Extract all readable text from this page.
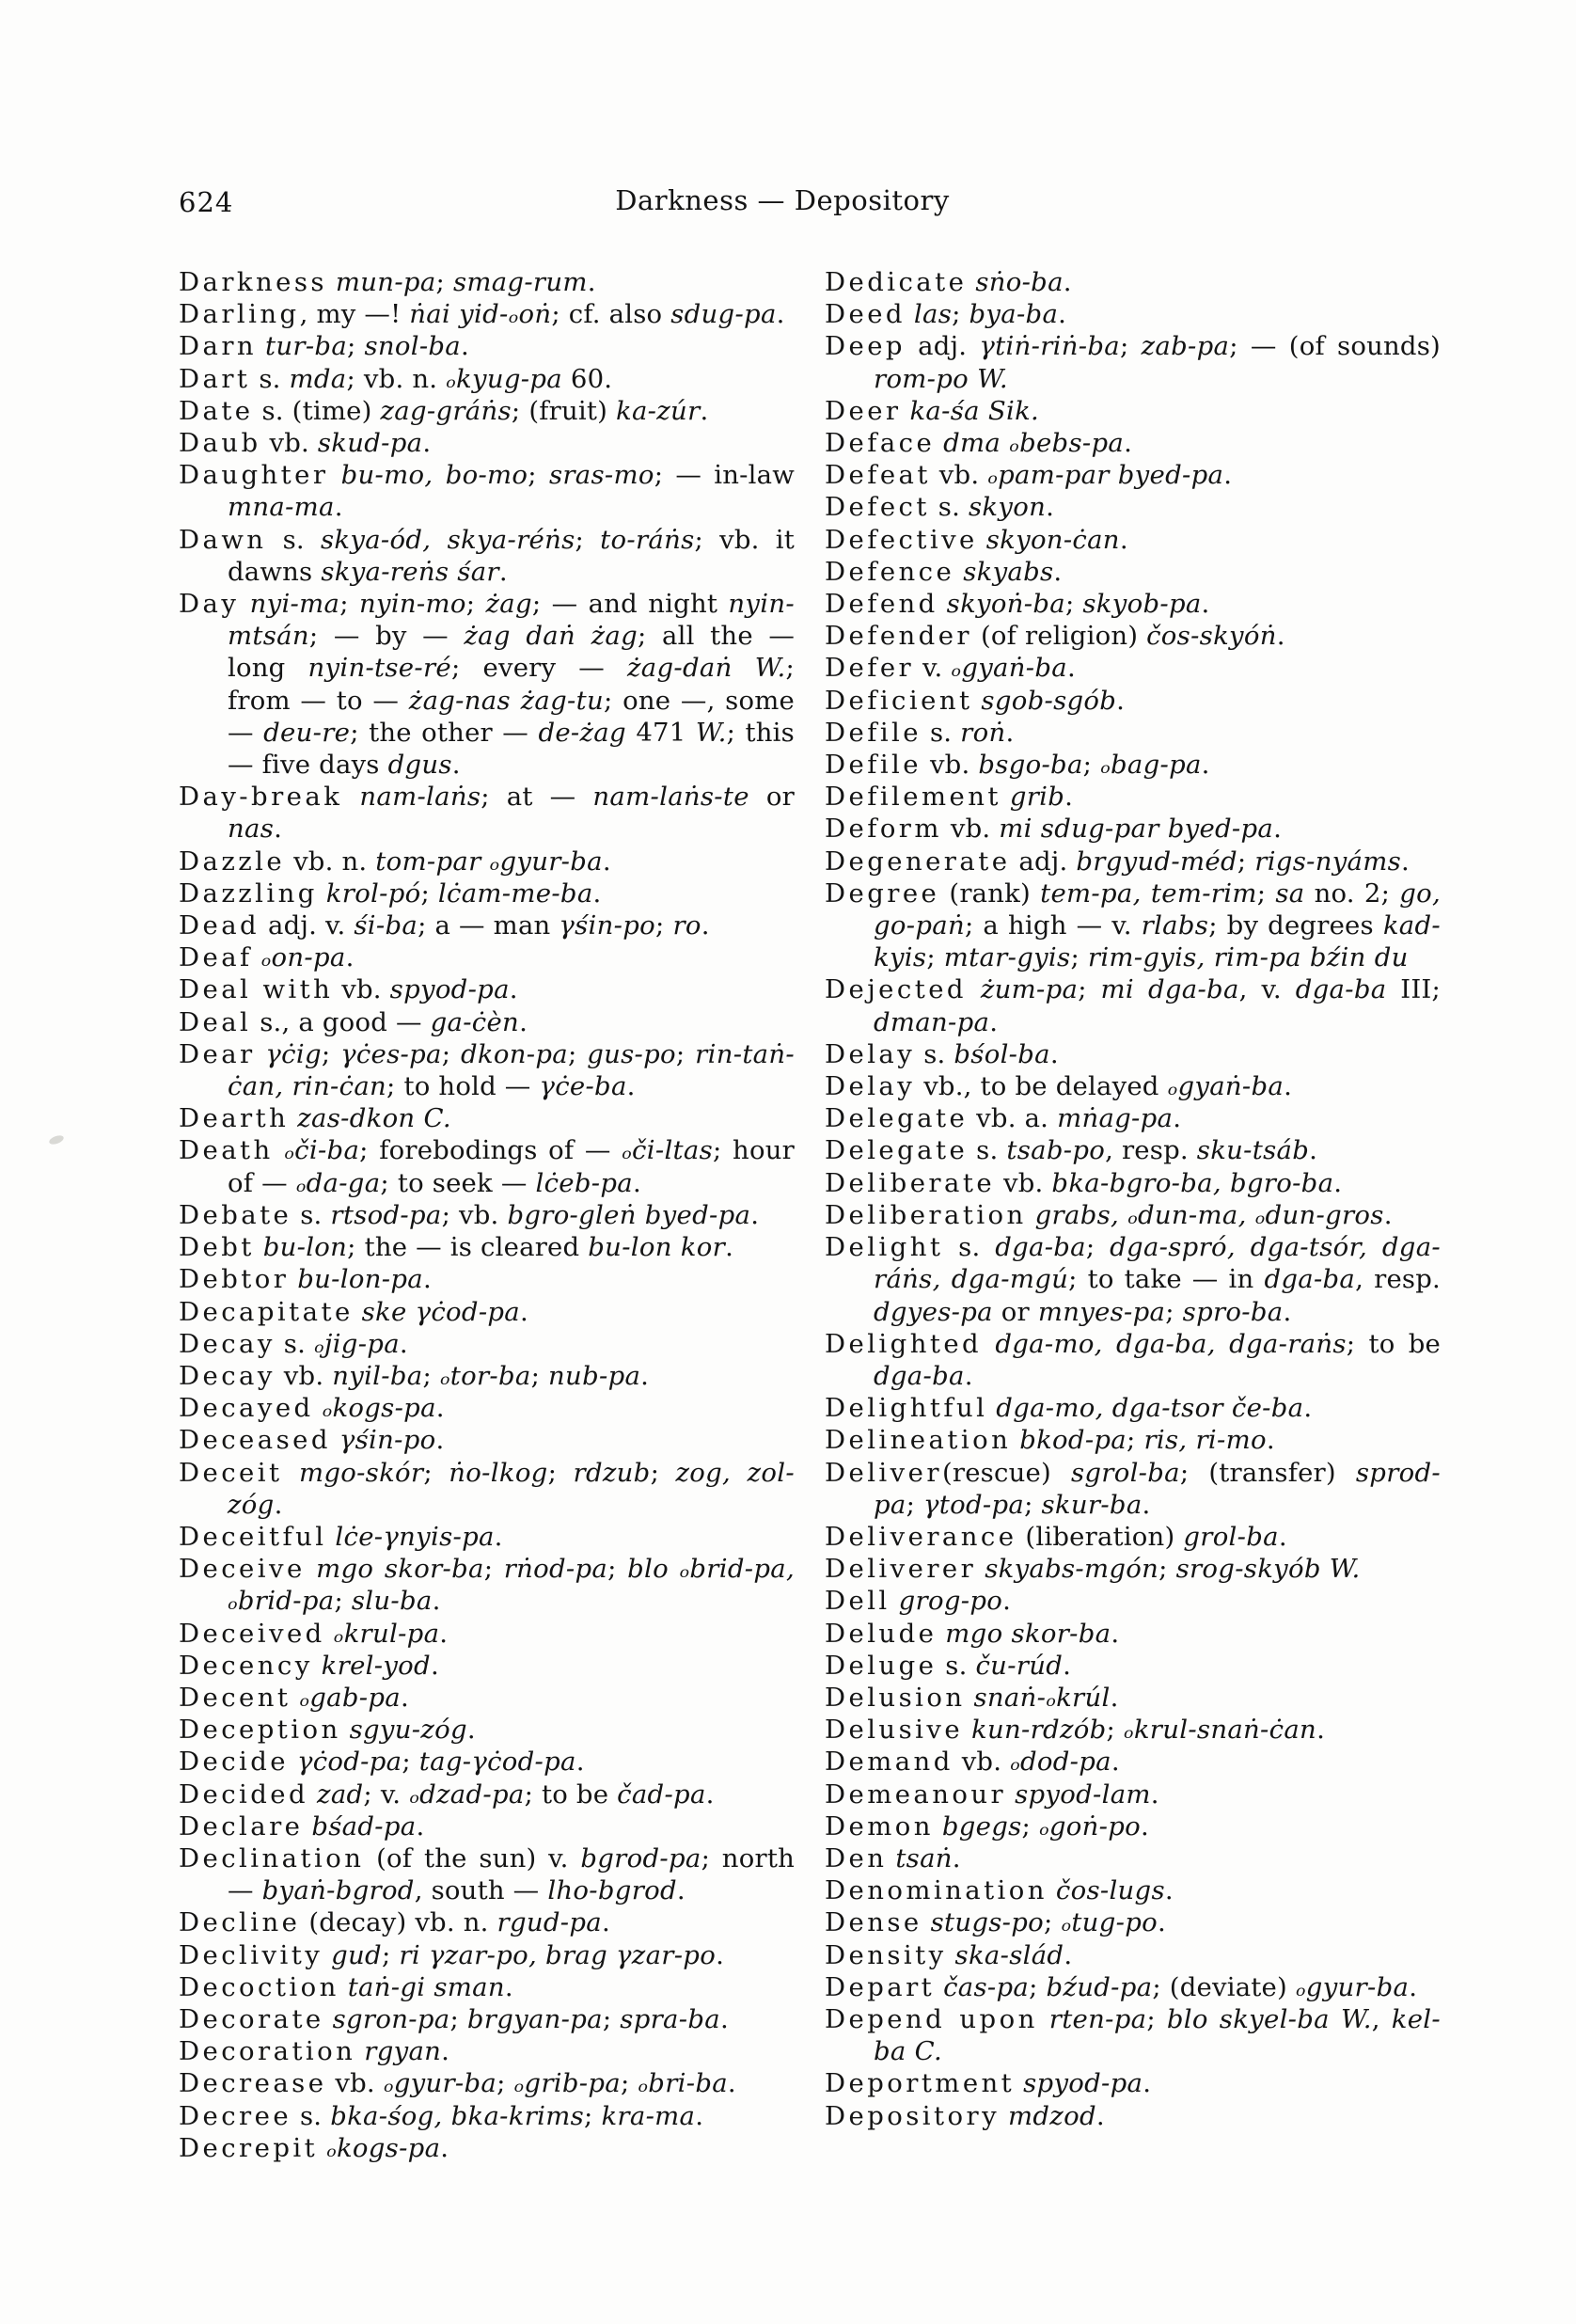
624	Darkness — Depository
Darkness mun-pa; smag-rum.
Darling, my —! ṅai yid-ₒoṅ; cf. also sdug-pa.
Darn tur-ba; snol-ba.
Dart s. mda; vb. n. ₒkyug-pa 60.
Date s. (time) zag-gráṅs; (fruit) ka-zúr.
Daub vb. skud-pa.
Daughter bu-mo, bo-mo; sras-mo; — in-law mna-ma.
Dawn s. skya-ód, skya-réṅs; to-ráṅs; vb. it dawns skya-reṅs śar.
Day nyi-ma; nyin-mo; żag; — and night nyin-mtsán; — by — żag daṅ żag; all the — long nyin-tse-ré; every — żag-daṅ W.; from — to — żag-nas żag-tu; one —, some — deu-re; the other — de-żag 471 W.; this — five days dgus.
Day-break nam-laṅs; at — nam-laṅs-te or nas.
Dazzle vb. n. tom-par ₒgyur-ba.
Dazzling krol-pó; lċam-me-ba.
Dead adj. v. śi-ba; a — man γśin-po; ro.
Deaf ₒon-pa.
Deal with vb. spyod-pa.
Deal s., a good — ga-ċèn.
Dear γċig; γċes-pa; dkon-pa; gus-po; rin-taṅ-ċan, rin-ċan; to hold — γċe-ba.
Dearth zas-dkon C.
Death ₒči-ba; forebodings of — ₒči-ltas; hour of — ₒda-ga; to seek — lċeb-pa.
Debate s. rtsod-pa; vb. bgro-gleṅ byed-pa.
Debt bu-lon; the — is cleared bu-lon kor.
Debtor bu-lon-pa.
Decapitate ske γċod-pa.
Decay s. ₒjig-pa.
Decay vb. nyil-ba; ₒtor-ba; nub-pa.
Decayed ₒkogs-pa.
Deceased γśin-po.
Deceit mgo-skór; ṅo-lkog; rdzub; zog, zol-zóg.
Deceitful lċe-γnyis-pa.
Deceive mgo skor-ba; rṅod-pa; blo ₒbrid-pa, ₒbrid-pa; slu-ba.
Deceived ₒkrul-pa.
Decency krel-yod.
Decent ₒgab-pa.
Deception sgyu-zóg.
Decide γċod-pa; tag-γċod-pa.
Decided zad; v. ₒdzad-pa; to be čad-pa.
Declare bśad-pa.
Declination (of the sun) v. bgrod-pa; north — byaṅ-bgrod, south — lho-bgrod.
Decline (decay) vb. n. rgud-pa.
Declivity gud; ri γzar-po, brag γzar-po.
Decoction taṅ-gi sman.
Decorate sgron-pa; brgyan-pa; spra-ba.
Decoration rgyan.
Decrease vb. ₒgyur-ba; ₒgrib-pa; ₒbri-ba.
Decree s. bka-śog, bka-krims; kra-ma.
Decrepit ₒkogs-pa.
Dedicate sṅo-ba.
Deed las; bya-ba.
Deep adj. γtiṅ-riṅ-ba; zab-pa; — (of sounds) rom-po W.
Deer ka-śa Sik.
Deface dma ₒbebs-pa.
Defeat vb. ₒpam-par byed-pa.
Defect s. skyon.
Defective skyon-ċan.
Defence skyabs.
Defend skyoṅ-ba; skyob-pa.
Defender (of religion) čos-skyóṅ.
Defer v. ₒgyaṅ-ba.
Deficient sgob-sgób.
Defile s. roṅ.
Defile vb. bsgo-ba; ₒbag-pa.
Defilement grib.
Deform vb. mi sdug-par byed-pa.
Degenerate adj. brgyud-méd; rigs-nyáms.
Degree (rank) tem-pa, tem-rim; sa no. 2; go, go-paṅ; a high — v. rlabs; by degrees kad-kyis; mtar-gyis; rim-gyis, rim-pa bźin du
Dejected żum-pa; mi dga-ba, v. dga-ba III; dman-pa.
Delay s. bśol-ba.
Delay vb., to be delayed ₒgyaṅ-ba.
Delegate vb. a. mṅag-pa.
Delegate s. tsab-po, resp. sku-tsáb.
Deliberate vb. bka-bgro-ba, bgro-ba.
Deliberation grabs, ₒdun-ma, ₒdun-gros.
Delight s. dga-ba; dga-spró, dga-tsór, dga-ráṅs, dga-mgú; to take — in dga-ba, resp. dgyes-pa or mnyes-pa; spro-ba.
Delighted dga-mo, dga-ba, dga-raṅs; to be dga-ba.
Delightful dga-mo, dga-tsor če-ba.
Delineation bkod-pa; ris, ri-mo.
Deliver(rescue) sgrol-ba; (transfer) sprod-pa; γtod-pa; skur-ba.
Deliverance (liberation) grol-ba.
Deliverer skyabs-mgón; srog-skyób W.
Dell grog-po.
Delude mgo skor-ba.
Deluge s. ču-rúd.
Delusion snaṅ-ₒkrúl.
Delusive kun-rdzób; ₒkrul-snaṅ-ċan.
Demand vb. ₒdod-pa.
Demeanour spyod-lam.
Demon bgegs; ₒgoṅ-po.
Den tsaṅ.
Denomination čos-lugs.
Dense stugs-po; ₒtug-po.
Density ska-slád.
Depart čas-pa; bźud-pa; (deviate) ₒgyur-ba.
Depend upon rten-pa; blo skyel-ba W., kel-ba C.
Deportment spyod-pa.
Depository mdzod.
